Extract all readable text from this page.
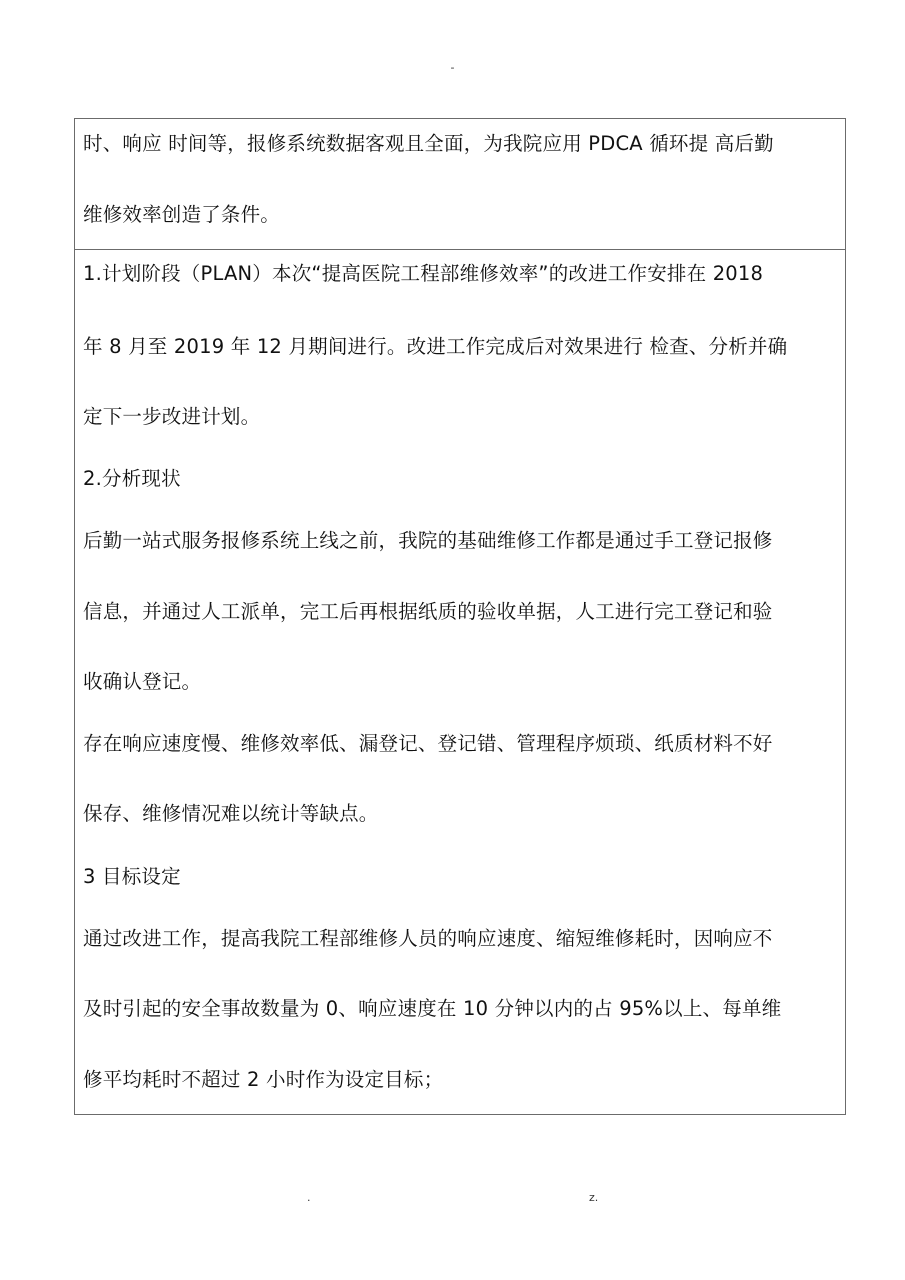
-
时、响应 时间等，报修系统数据客观且全面，为我院应用 PDCA 循环提 高后勤
维修效率创造了条件。
1.计划阶段（PLAN）本次“提高医院工程部维修效率”的改进工作安排在 2018
年 8 月至 2019 年 12 月期间进行。改进工作完成后对效果进行 检查、分析并确
定下一步改进计划。
2.分析现状
后勤一站式服务报修系统上线之前，我院的基础维修工作都是通过手工登记报修
信息，并通过人工派单，完工后再根据纸质的验收单据，人工进行完工登记和验
收确认登记。
存在响应速度慢、维修效率低、漏登记、登记错、管理程序烦琐、纸质材料不好
保存、维修情况难以统计等缺点。
3 目标设定
通过改进工作，提高我院工程部维修人员的响应速度、缩短维修耗时，因响应不
及时引起的安全事故数量为 0、响应速度在 10 分钟以内的占 95%以上、每单维
修平均耗时不超过 2 小时作为设定目标；
.	z.
